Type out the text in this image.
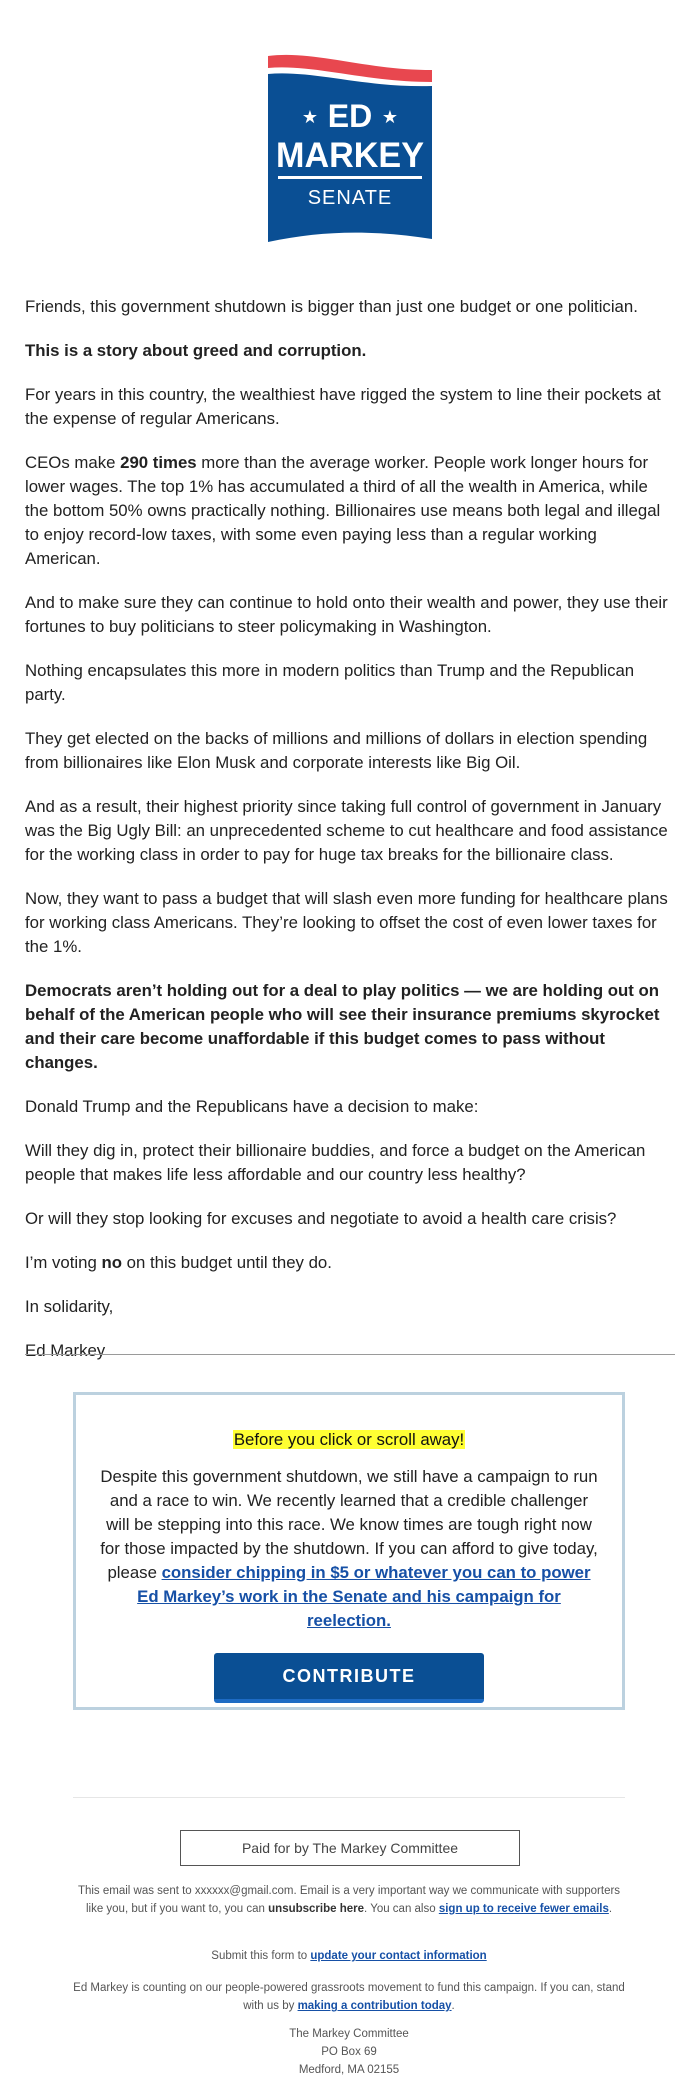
★	★
ED
MARKEY
SENATE

Friends, this government shutdown is bigger than just one budget or one politician.

This is a story about greed and corruption.

For years in this country, the wealthiest have rigged the system to line their pockets at the expense of regular Americans.

CEOs make 290 times more than the average worker. People work longer hours for lower wages. The top 1% has accumulated a third of all the wealth in America, while the bottom 50% owns practically nothing. Billionaires use means both legal and illegal to enjoy record-low taxes, with some even paying less than a regular working American.

And to make sure they can continue to hold onto their wealth and power, they use their fortunes to buy politicians to steer policymaking in Washington.

Nothing encapsulates this more in modern politics than Trump and the Republican party.

They get elected on the backs of millions and millions of dollars in election spending from billionaires like Elon Musk and corporate interests like Big Oil.

And as a result, their highest priority since taking full control of government in January was the Big Ugly Bill: an unprecedented scheme to cut healthcare and food assistance for the working class in order to pay for huge tax breaks for the billionaire class.

Now, they want to pass a budget that will slash even more funding for healthcare plans for working class Americans. They’re looking to offset the cost of even lower taxes for the 1%.

Democrats aren’t holding out for a deal to play politics — we are holding out on behalf of the American people who will see their insurance premiums skyrocket and their care become unaffordable if this budget comes to pass without changes.

Donald Trump and the Republicans have a decision to make:

Will they dig in, protect their billionaire buddies, and force a budget on the American people that makes life less affordable and our country less healthy?

Or will they stop looking for excuses and negotiate to avoid a health care crisis?

I’m voting no on this budget until they do.

In solidarity,

Ed Markey

Before you click or scroll away!
Despite this government shutdown, we still have a campaign to run and a race to win. We recently learned that a credible challenger will be stepping into this race. We know times are tough right now for those impacted by the shutdown. If you can afford to give today, please consider chipping in $5 or whatever you can to power Ed Markey’s work in the Senate and his campaign for reelection.
CONTRIBUTE
Paid for by The Markey Committee
This email was sent to xxxxxx@gmail.com. Email is a very important way we communicate with supporters like you, but if you want to, you can unsubscribe here. You can also sign up to receive fewer emails.
Submit this form to update your contact information
Ed Markey is counting on our people-powered grassroots movement to fund this campaign. If you can, stand with us by making a contribution today.
The Markey Committee
PO Box 69
Medford, MA 02155
